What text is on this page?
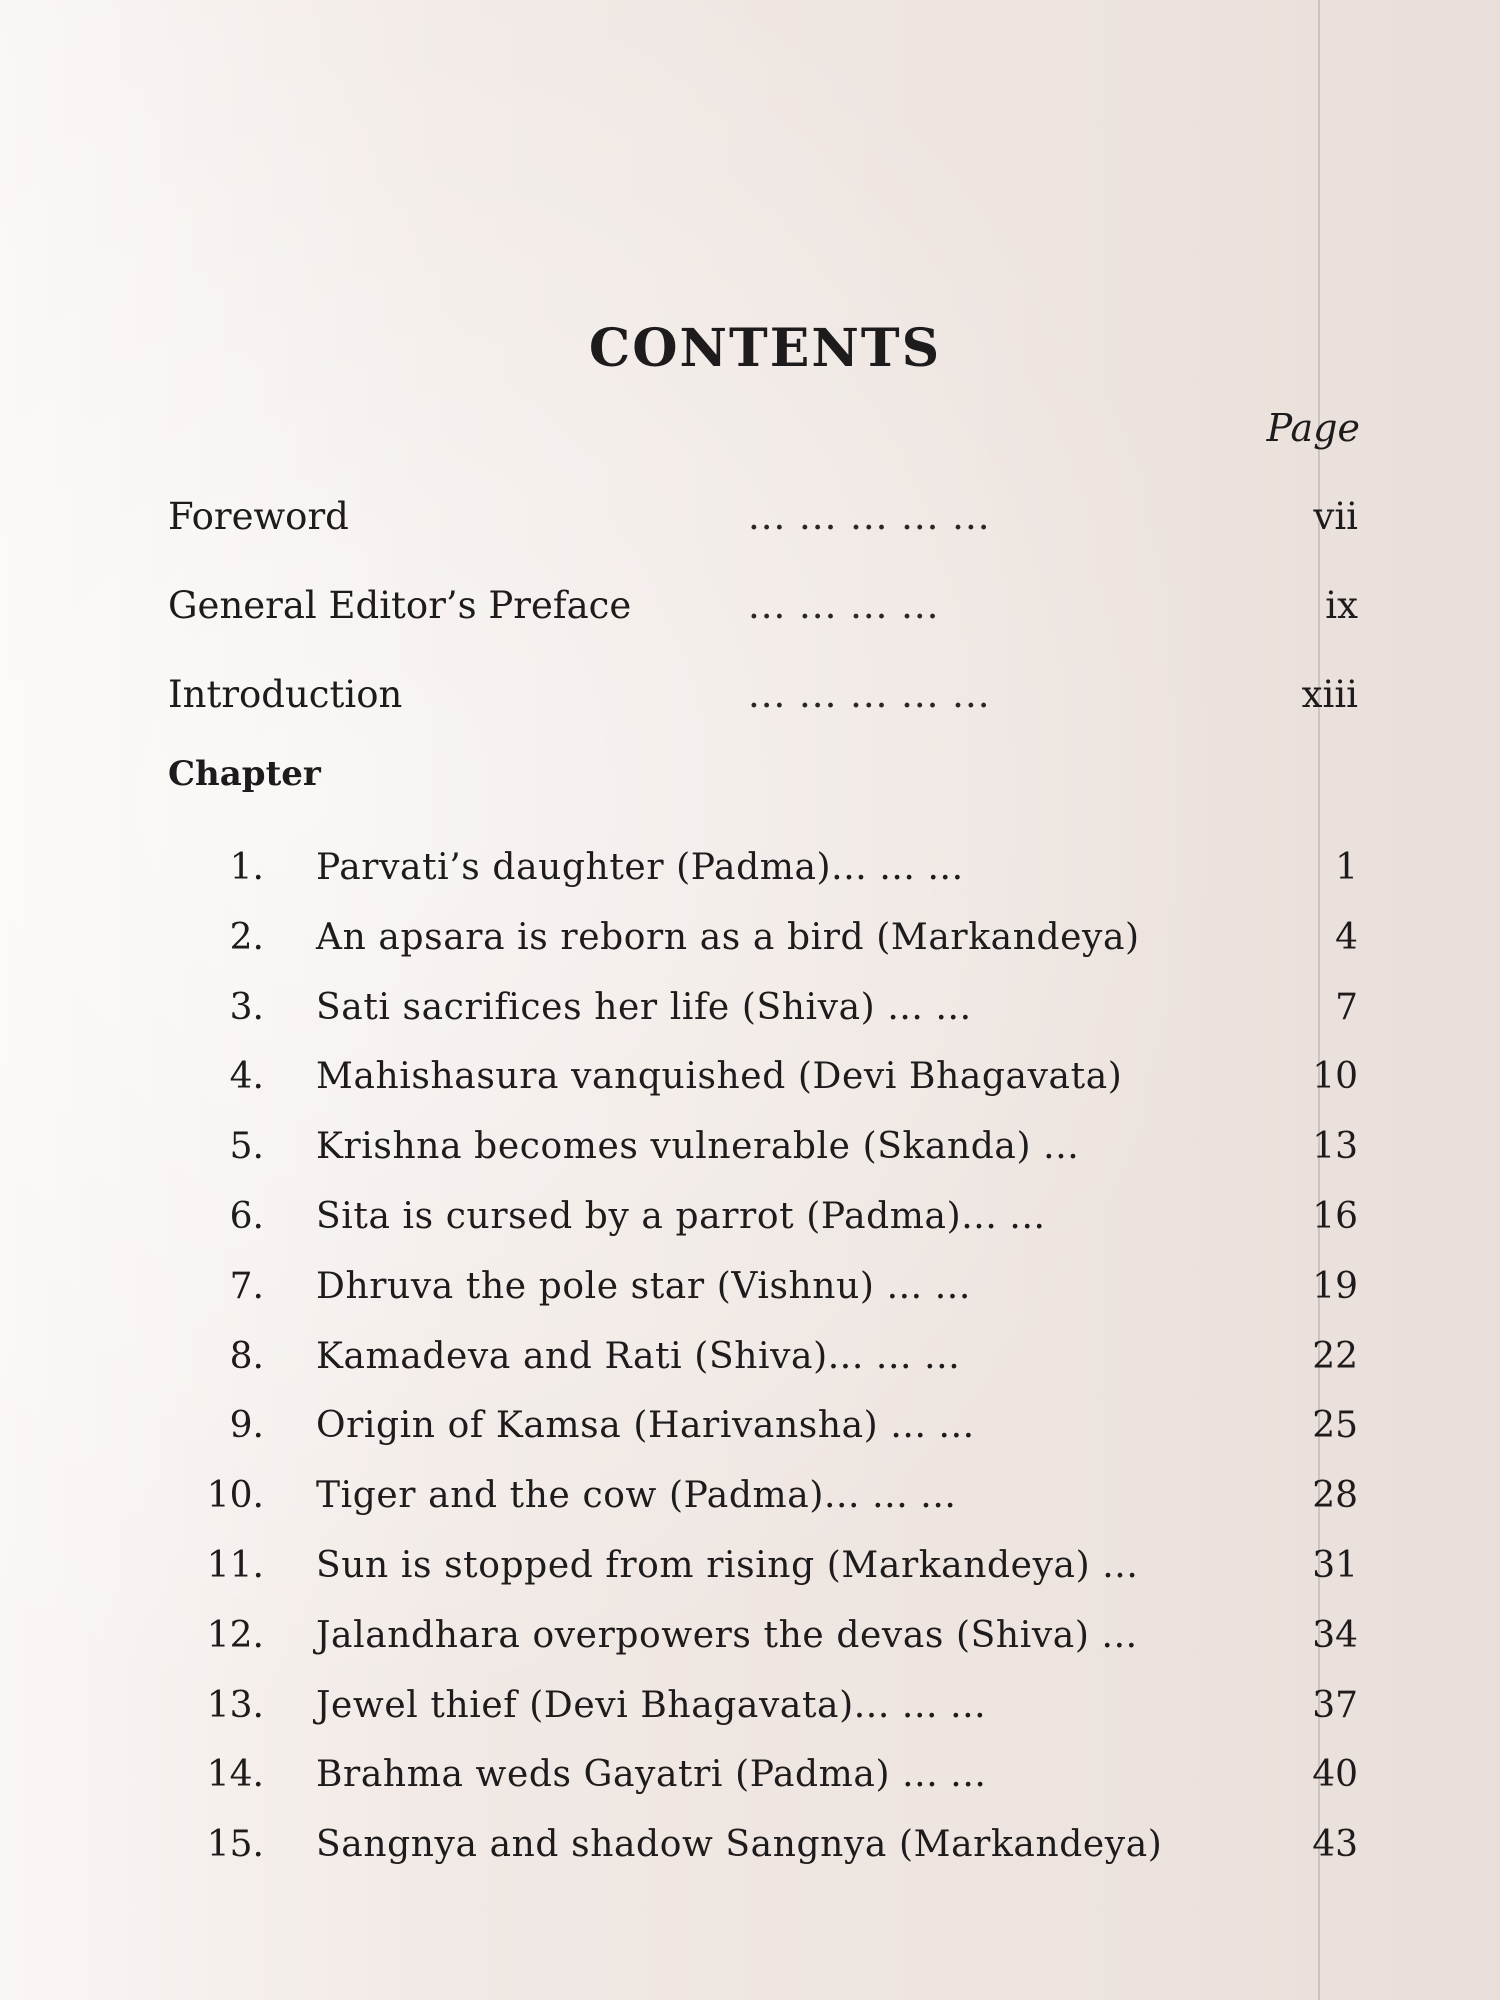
CONTENTS
Page
Foreword	... ... ... ... ...	vii
General Editor’s Preface	... ... ... ...	ix
Introduction	... ... ... ... ...	xiii
Chapter
1. Parvati’s daughter (Padma)... ... ...	1
2. An apsara is reborn as a bird (Markandeya)	4
3. Sati sacrifices her life (Shiva) ... ...	7
4. Mahishasura vanquished (Devi Bhagavata)	10
5. Krishna becomes vulnerable (Skanda) ...	13
6. Sita is cursed by a parrot (Padma)... ...	16
7. Dhruva the pole star (Vishnu) ... ...	19
8. Kamadeva and Rati (Shiva)... ... ...	22
9. Origin of Kamsa (Harivansha) ... ...	25
10. Tiger and the cow (Padma)... ... ...	28
11. Sun is stopped from rising (Markandeya) ...	31
12. Jalandhara overpowers the devas (Shiva) ...	34
13. Jewel thief (Devi Bhagavata)... ... ...	37
14. Brahma weds Gayatri (Padma) ... ...	40
15. Sangnya and shadow Sangnya (Markandeya)	43
